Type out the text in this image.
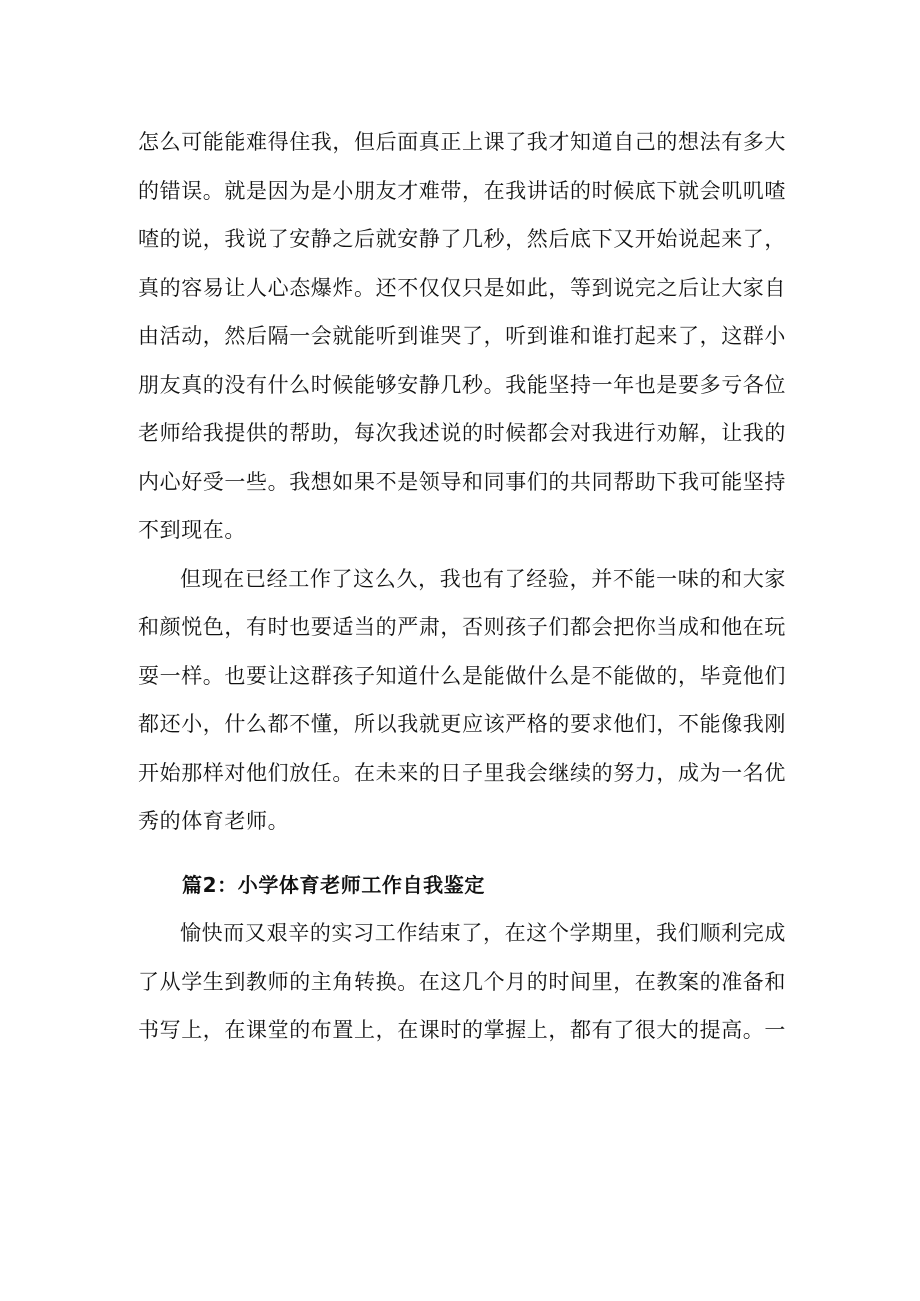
怎么可能能难得住我，但后面真正上课了我才知道自己的想法有多大的错误。就是因为是小朋友才难带，在我讲话的时候底下就会叽叽喳喳的说，我说了安静之后就安静了几秒，然后底下又开始说起来了，真的容易让人心态爆炸。还不仅仅只是如此，等到说完之后让大家自由活动，然后隔一会就能听到谁哭了，听到谁和谁打起来了，这群小朋友真的没有什么时候能够安静几秒。我能坚持一年也是要多亏各位老师给我提供的帮助，每次我述说的时候都会对我进行劝解，让我的内心好受一些。我想如果不是领导和同事们的共同帮助下我可能坚持不到现在。

但现在已经工作了这么久，我也有了经验，并不能一味的和大家和颜悦色，有时也要适当的严肃，否则孩子们都会把你当成和他在玩耍一样。也要让这群孩子知道什么是能做什么是不能做的，毕竟他们都还小，什么都不懂，所以我就更应该严格的要求他们，不能像我刚开始那样对他们放任。在未来的日子里我会继续的努力，成为一名优秀的体育老师。

篇2：小学体育老师工作自我鉴定

愉快而又艰辛的实习工作结束了，在这个学期里，我们顺利完成了从学生到教师的主角转换。在这几个月的时间里，在教案的准备和书写上，在课堂的布置上，在课时的掌握上，都有了很大的提高。一
